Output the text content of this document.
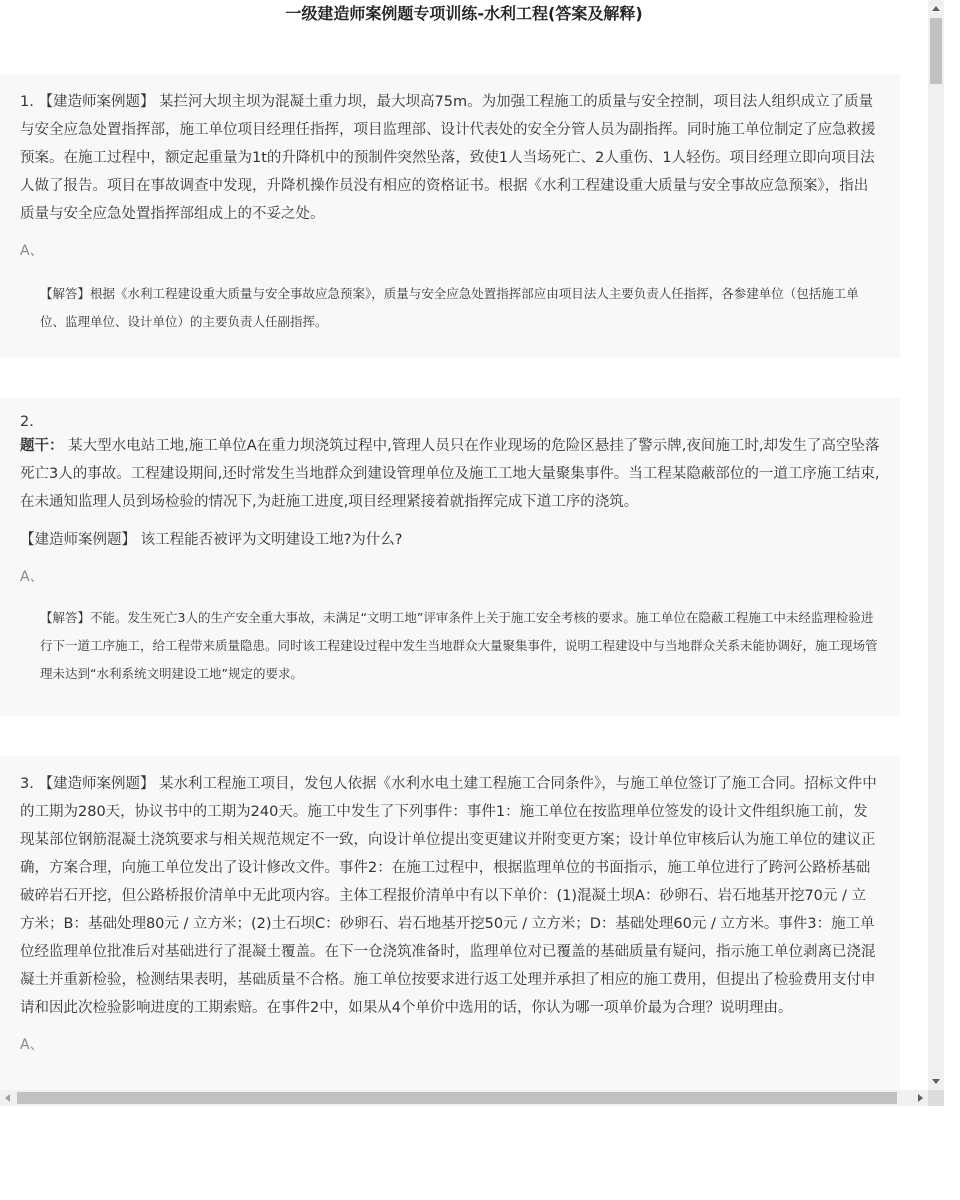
一级建造师案例题专项训练-水利工程(答案及解释)

1. 【建造师案例题】 某拦河大坝主坝为混凝土重力坝，最大坝高75m。为加强工程施工的质量与安全控制，项目法人组织成立了质量与安全应急处置指挥部，施工单位项目经理任指挥，项目监理部、设计代表处的安全分管人员为副指挥。同时施工单位制定了应急救援预案。在施工过程中，额定起重量为1t的升降机中的预制件突然坠落，致使1人当场死亡、2人重伤、1人轻伤。项目经理立即向项目法人做了报告。项目在事故调查中发现，升降机操作员没有相应的资格证书。根据《水利工程建设重大质量与安全事故应急预案》，指出质量与安全应急处置指挥部组成上的不妥之处。

A、

【解答】根据《水利工程建设重大质量与安全事故应急预案》，质量与安全应急处置指挥部应由项目法人主要负责人任指挥，各参建单位（包括施工单位、监理单位、设计单位）的主要负责人任副指挥。

2.

题干： 某大型水电站工地,施工单位A在重力坝浇筑过程中,管理人员只在作业现场的危险区悬挂了警示牌,夜间施工时,却发生了高空坠落死亡3人的事故。工程建设期间,还时常发生当地群众到建设管理单位及施工工地大量聚集事件。当工程某隐蔽部位的一道工序施工结束,在未通知监理人员到场检验的情况下,为赶施工进度,项目经理紧接着就指挥完成下道工序的浇筑。

【建造师案例题】 该工程能否被评为文明建设工地?为什么?

A、

【解答】不能。发生死亡3人的生产安全重大事故，未满足“文明工地”评审条件上关于施工安全考核的要求。施工单位在隐蔽工程施工中未经监理检验进行下一道工序施工，给工程带来质量隐患。同时该工程建设过程中发生当地群众大量聚集事件，说明工程建设中与当地群众关系未能协调好，施工现场管理未达到“水利系统文明建设工地”规定的要求。

3. 【建造师案例题】 某水利工程施工项目，发包人依据《水利水电土建工程施工合同条件》，与施工单位签订了施工合同。招标文件中的工期为280天，协议书中的工期为240天。施工中发生了下列事件：事件1：施工单位在按监理单位签发的设计文件组织施工前，发现某部位钢筋混凝土浇筑要求与相关规范规定不一致，向设计单位提出变更建议并附变更方案；设计单位审核后认为施工单位的建议正确，方案合理，向施工单位发出了设计修改文件。事件2：在施工过程中，根据监理单位的书面指示，施工单位进行了跨河公路桥基础破碎岩石开挖，但公路桥报价清单中无此项内容。主体工程报价清单中有以下单价：(1)混凝土坝A：砂卵石、岩石地基开挖70元 / 立方米；B：基础处理80元 / 立方米；(2)土石坝C：砂卵石、岩石地基开挖50元 / 立方米；D：基础处理60元 / 立方米。事件3：施工单位经监理单位批准后对基础进行了混凝土覆盖。在下一仓浇筑准备时，监理单位对已覆盖的基础质量有疑问，指示施工单位剥离已浇混凝土并重新检验，检测结果表明，基础质量不合格。施工单位按要求进行返工处理并承担了相应的施工费用，但提出了检验费用支付申请和因此次检验影响进度的工期索赔。在事件2中，如果从4个单价中选用的话，你认为哪一项单价最为合理？说明理由。

A、
